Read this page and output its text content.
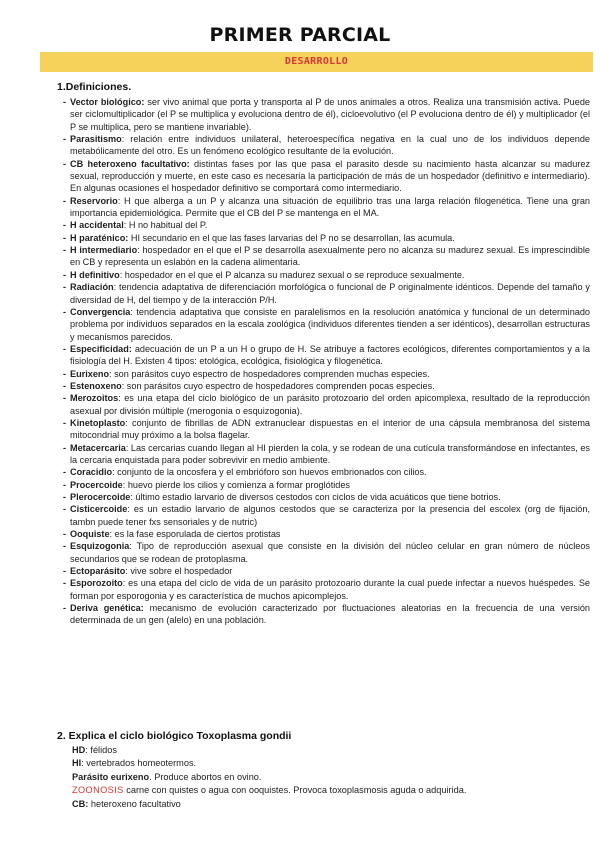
PRIMER PARCIAL
DESARROLLO
1.Definiciones.
- Vector biológico: ser vivo animal que porta y transporta al P de unos animales a otros. Realiza una transmisión activa. Puede ser ciclomultiplicador (el P se multiplica y evoluciona dentro de él), cicloevolutivo (el P evoluciona dentro de él) y multiplicador (el P se multiplica, pero se mantiene invariable).
- Parasitismo: relación entre individuos unilateral, heteroespecífica negativa en la cual uno de los individuos depende metabólicamente del otro. Es un fenómeno ecológico resultante de la evolución.
- CB heteroxeno facultativo: distintas fases por las que pasa el parasito desde su nacimiento hasta alcanzar su madurez sexual, reproducción y muerte, en este caso es necesaria la participación de más de un hospedador (definitivo e intermediario). En algunas ocasiones el hospedador definitivo se comportará como intermediario.
- Reservorio: H que alberga a un P y alcanza una situación de equilibrio tras una larga relación filogenética. Tiene una gran importancia epidemiológica. Permite que el CB del P se mantenga en el MA.
- H accidental: H no habitual del P.
- H paraténico: HI secundario en el que las fases larvarias del P no se desarrollan, las acumula.
- H intermediario: hospedador en el que el P se desarrolla asexualmente pero no alcanza su madurez sexual. Es imprescindible en CB y representa un eslabón en la cadena alimentaria.
- H definitivo: hospedador en el que el P alcanza su madurez sexual o se reproduce sexualmente.
- Radiación: tendencia adaptativa de diferenciación morfológica o funcional de P originalmente idénticos. Depende del tamaño y diversidad de H, del tiempo y de la interacción P/H.
- Convergencia: tendencia adaptativa que consiste en paralelismos en la resolución anatómica y funcional de un determinado problema por individuos separados en la escala zoológica (individuos diferentes tienden a ser idénticos), desarrollan estructuras y mecanismos parecidos.
- Especificidad: adecuación de un P a un H o grupo de H. Se atribuye a factores ecológicos, diferentes comportamientos y a la fisiología del H. Existen 4 tipos: etológica, ecológica, fisiológica y filogenética.
- Eurixeno: son parásitos cuyo espectro de hospedadores comprenden muchas especies.
- Estenoxeno: son parásitos cuyo espectro de hospedadores comprenden pocas especies.
- Merozoitos: es una etapa del ciclo biológico de un parásito protozoario del orden apicomplexa, resultado de la reproducción asexual por división múltiple (merogonia o esquizogonia).
- Kinetoplasto: conjunto de fibrillas de ADN extranuclear dispuestas en el interior de una cápsula membranosa del sistema mitocondrial muy próximo a la bolsa flagelar.
- Metacercaria: Las cercarias cuando llegan al HI pierden la cola, y se rodean de una cutícula transformándose en infectantes, es la cercaria enquistada para poder sobrevivir en medio ambiente.
- Coracidio: conjunto de la oncosfera y el embrióforo son huevos embrionados con cilios.
- Procercoide: huevo pierde los cilios y comienza a formar proglótides
- Plerocercoide: último estadio larvario de diversos cestodos con ciclos de vida acuáticos que tiene botrios.
- Cisticercoide: es un estadio larvario de algunos cestodos que se caracteriza por la presencia del escolex (org de fijación, tambn puede tener fxs sensoriales y de nutric)
- Ooquiste: es la fase esporulada de ciertos protistas
- Esquizogonia: Tipo de reproducción asexual que consiste en la división del núcleo celular en gran número de núcleos secundarios que se rodean de protoplasma.
- Ectoparásito: vive sobre el hospedador
- Esporozoito: es una etapa del ciclo de vida de un parásito protozoario durante la cual puede infectar a nuevos huéspedes. Se forman por esporogonia y es característica de muchos apicomplejos.
- Deriva genética: mecanismo de evolución caracterizado por fluctuaciones aleatorias en la frecuencia de una versión determinada de un gen (alelo) en una población.
2. Explica el ciclo biológico Toxoplasma gondii
HD: félidos
HI: vertebrados homeotermos.
Parásito eurixeno. Produce abortos en ovino.
ZOONOSIS carne con quistes o agua con ooquistes. Provoca toxoplasmosis aguda o adquirida.
CB: heteroxeno facultativo
